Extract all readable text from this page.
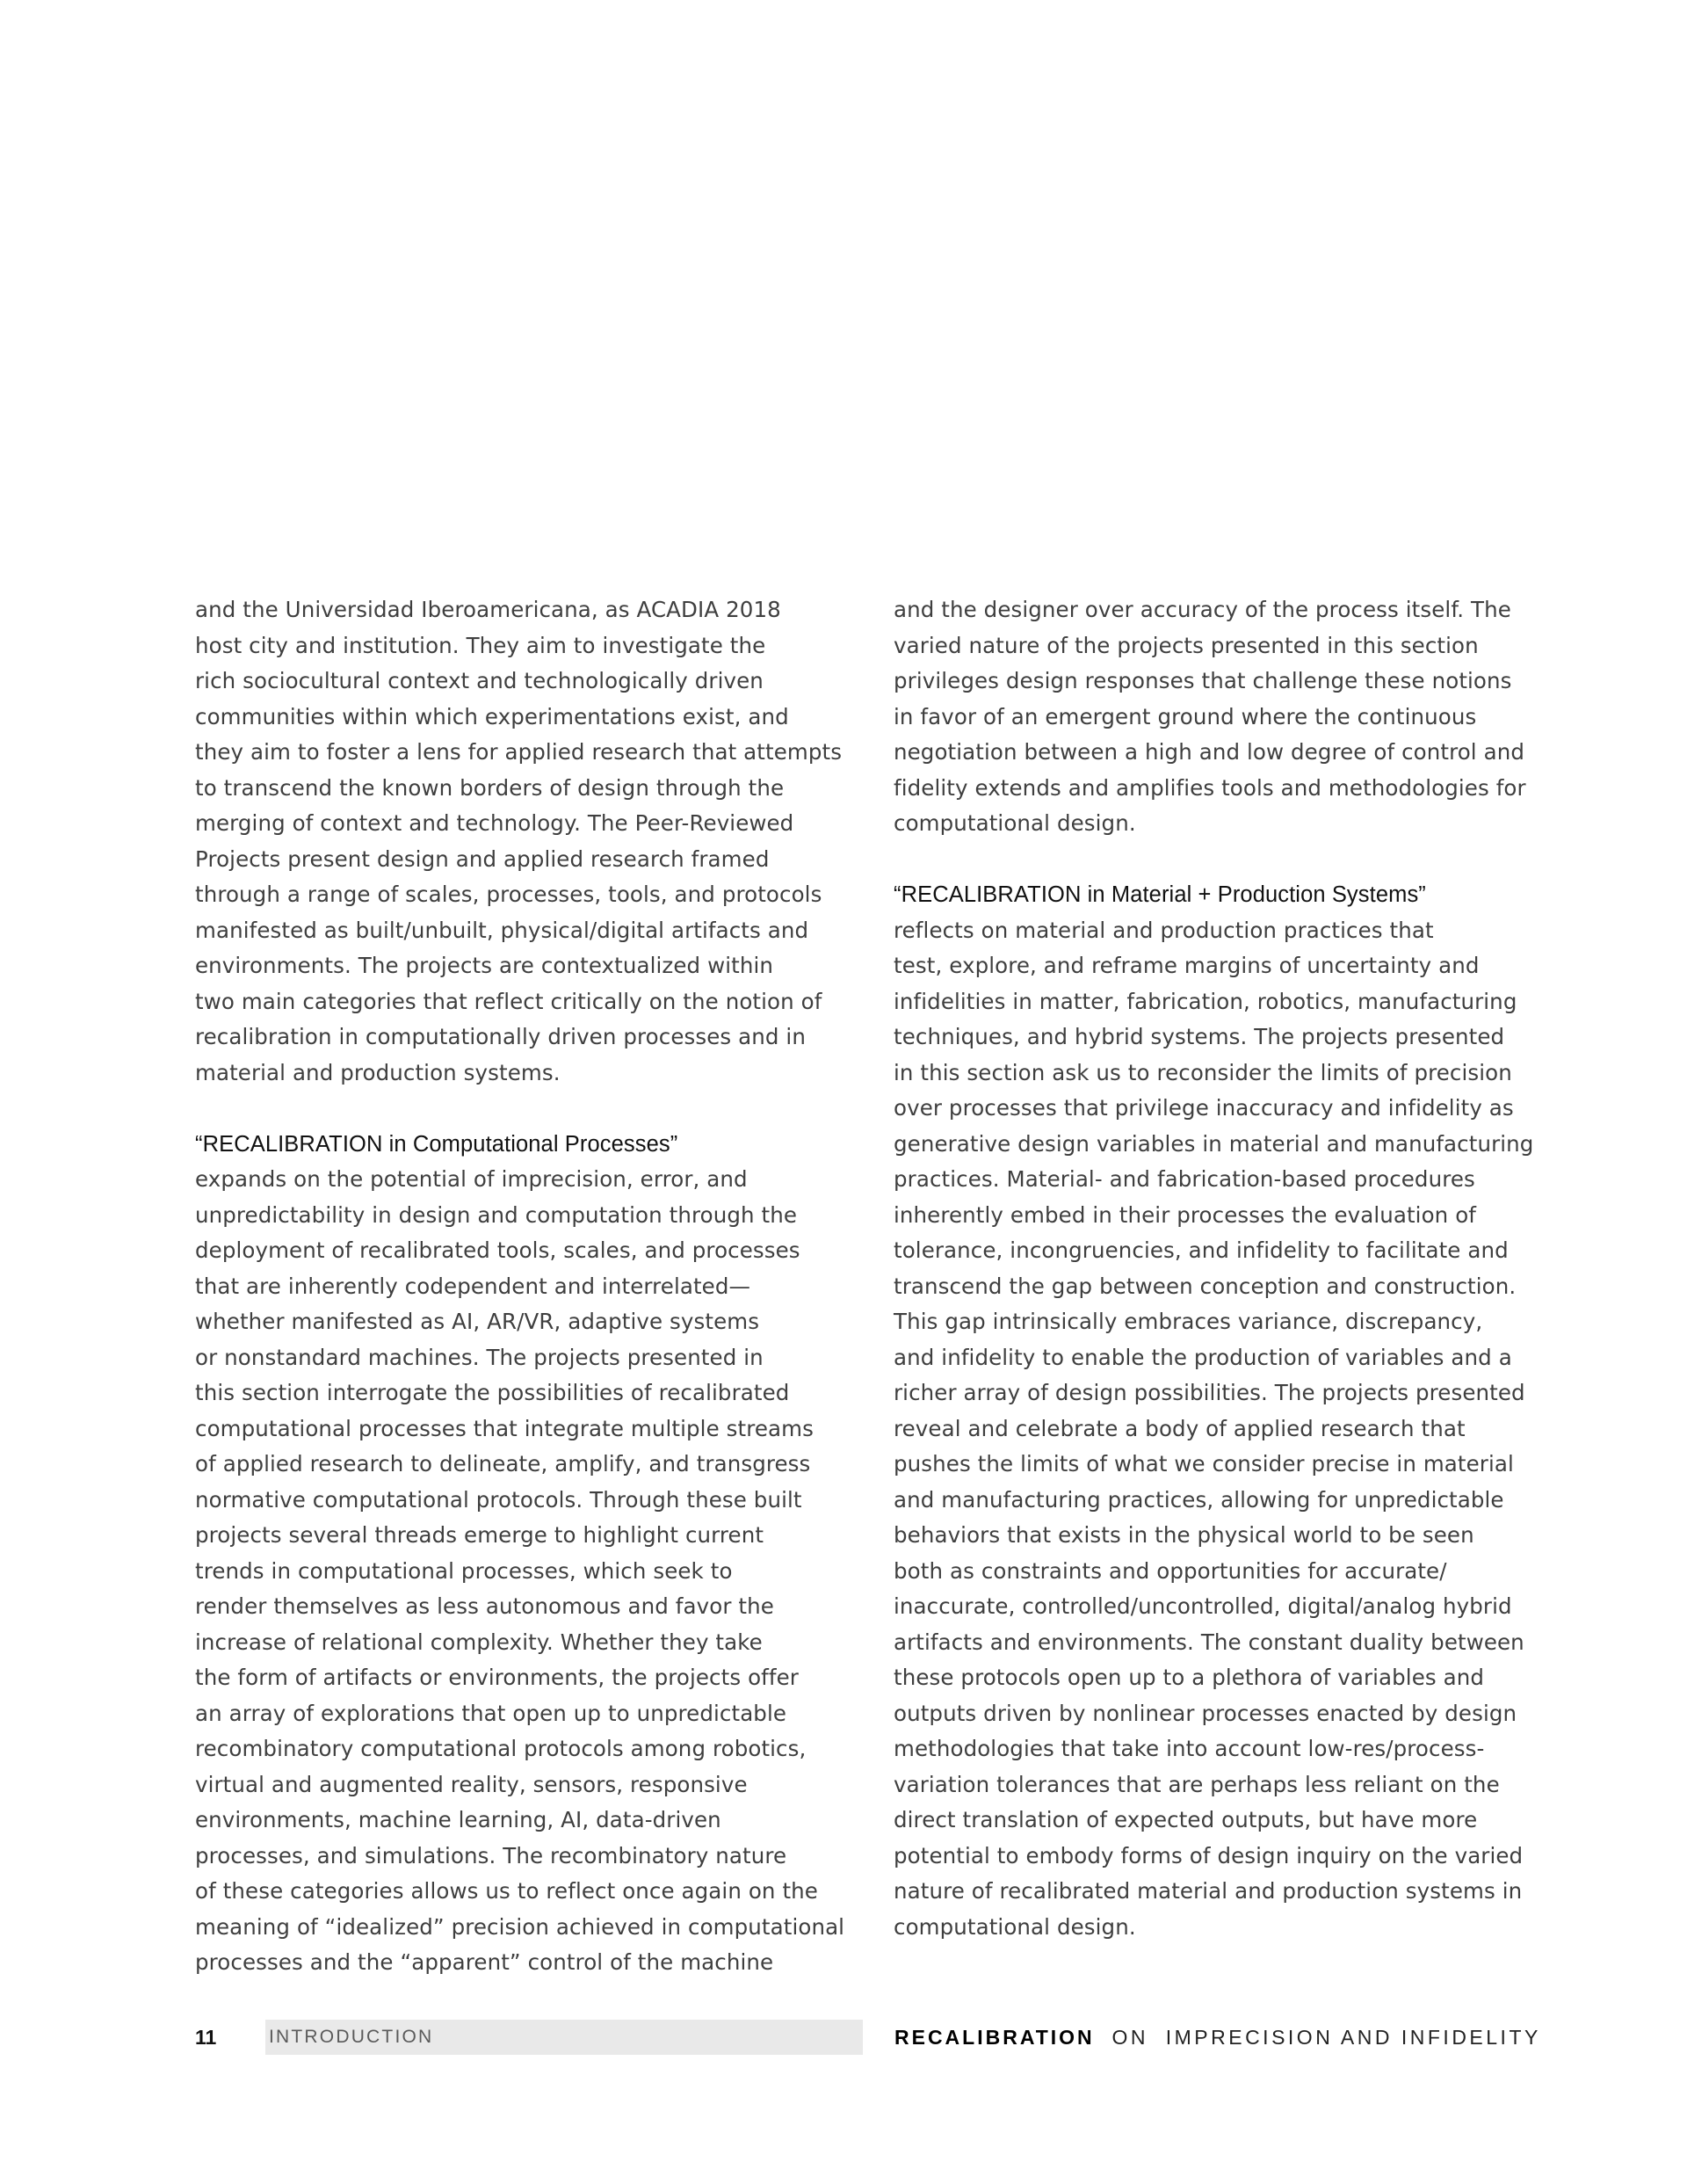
and the Universidad Iberoamericana, as ACADIA 2018
host city and institution. They aim to investigate the
rich sociocultural context and technologically driven
communities within which experimentations exist, and
they aim to foster a lens for applied research that attempts
to transcend the known borders of design through the
merging of context and technology. The Peer-Reviewed
Projects present design and applied research framed
through a range of scales, processes, tools, and protocols
manifested as built/unbuilt, physical/digital artifacts and
environments. The projects are contextualized within
two main categories that reflect critically on the notion of
recalibration in computationally driven processes and in
material and production systems.
“RECALIBRATION in Computational Processes”
expands on the potential of imprecision, error, and
unpredictability in design and computation through the
deployment of recalibrated tools, scales, and processes
that are inherently codependent and interrelated—
whether manifested as AI, AR/VR, adaptive systems
or nonstandard machines. The projects presented in
this section interrogate the possibilities of recalibrated
computational processes that integrate multiple streams
of applied research to delineate, amplify, and transgress
normative computational protocols. Through these built
projects several threads emerge to highlight current
trends in computational processes, which seek to
render themselves as less autonomous and favor the
increase of relational complexity. Whether they take
the form of artifacts or environments, the projects offer
an array of explorations that open up to unpredictable
recombinatory computational protocols among robotics,
virtual and augmented reality, sensors, responsive
environments, machine learning, AI, data-driven
processes, and simulations. The recombinatory nature
of these categories allows us to reflect once again on the
meaning of “idealized” precision achieved in computational
processes and the “apparent” control of the machine
and the designer over accuracy of the process itself. The
varied nature of the projects presented in this section
privileges design responses that challenge these notions
in favor of an emergent ground where the continuous
negotiation between a high and low degree of control and
fidelity extends and amplifies tools and methodologies for
computational design.
“RECALIBRATION in Material + Production Systems”
reflects on material and production practices that
test, explore, and reframe margins of uncertainty and
infidelities in matter, fabrication, robotics, manufacturing
techniques, and hybrid systems. The projects presented
in this section ask us to reconsider the limits of precision
over processes that privilege inaccuracy and infidelity as
generative design variables in material and manufacturing
practices. Material- and fabrication-based procedures
inherently embed in their processes the evaluation of
tolerance, incongruencies, and infidelity to facilitate and
transcend the gap between conception and construction.
This gap intrinsically embraces variance, discrepancy,
and infidelity to enable the production of variables and a
richer array of design possibilities. The projects presented
reveal and celebrate a body of applied research that
pushes the limits of what we consider precise in material
and manufacturing practices, allowing for unpredictable
behaviors that exists in the physical world to be seen
both as constraints and opportunities for accurate/
inaccurate, controlled/uncontrolled, digital/analog hybrid
artifacts and environments. The constant duality between
these protocols open up to a plethora of variables and
outputs driven by nonlinear processes enacted by design
methodologies that take into account low-res/process-
variation tolerances that are perhaps less reliant on the
direct translation of expected outputs, but have more
potential to embody forms of design inquiry on the varied
nature of recalibrated material and production systems in
computational design.
11	INTRODUCTION	RECALIBRATION ON  IMPRECISION AND INFIDELITY
